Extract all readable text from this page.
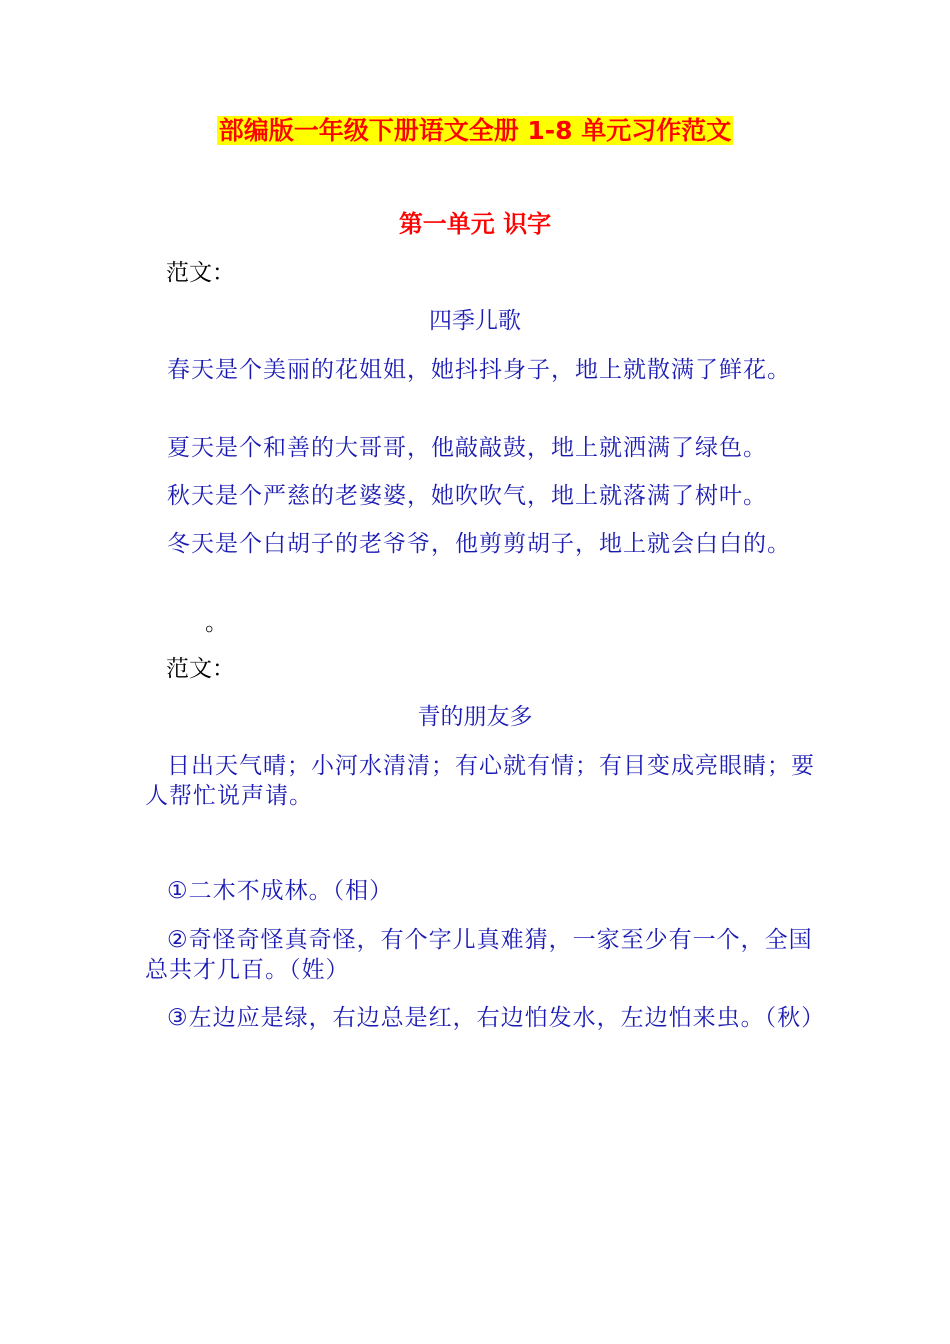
部编版一年级下册语文全册 1-8 单元习作范文
第一单元 识字
范文：
四季儿歌
春天是个美丽的花姐姐，她抖抖身子，地上就散满了鲜花。
夏天是个和善的大哥哥，他敲敲鼓，地上就洒满了绿色。
秋天是个严慈的老婆婆，她吹吹气，地上就落满了树叶。
冬天是个白胡子的老爷爷，他剪剪胡子，地上就会白白的。
。
范文：
青的朋友多
日出天气晴；小河水清清；有心就有情；有目变成亮眼睛；要人帮忙说声请。
①二木不成林。（相）
②奇怪奇怪真奇怪，有个字儿真难猜，一家至少有一个，全国总共才几百。（姓）
③左边应是绿，右边总是红，右边怕发水，左边怕来虫。（秋）
